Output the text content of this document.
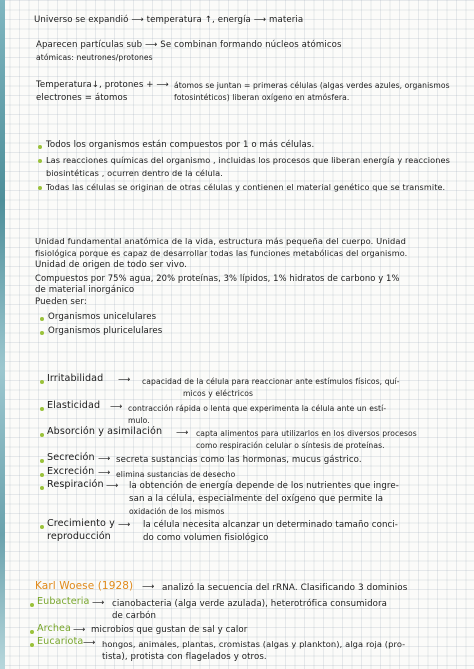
Universo se expandió ⟶ temperatura ↑, energía ⟶ materia
Aparecen partículas sub ⟶ Se combinan formando núcleos atómicos
atómicas: neutrones/protones
Temperatura↓, protones + ⟶ átomos se juntan = primeras células (algas verdes azules, organismos
electrones = átomos	fotosintéticos) liberan oxígeno en atmósfera.
Todos los organismos están compuestos por 1 o más células.
Las reacciones químicas del organismo , incluidas los procesos que liberan energía y reacciones
biosintéticas , ocurren dentro de la célula.
Todas las células se originan de otras células y contienen el material genético que se transmite.
Unidad fundamental anatómica de la vida, estructura más pequeña del cuerpo. Unidad
fisiológica porque es capaz de desarrollar todas las funciones metabólicas del organismo.
Unidad de origen de todo ser vivo.
Compuestos por 75% agua, 20% proteínas, 3% lípidos, 1% hidratos de carbono y 1%
de material inorgánico
Pueden ser:
Organismos unicelulares
Organismos pluricelulares
Irritabilidad ⟶ capacidad de la célula para reaccionar ante estímulos físicos, quí-
micos y eléctricos
Elasticidad ⟶ contracción rápida o lenta que experimenta la célula ante un estí-
mulo.
Absorción y asimilación ⟶ capta alimentos para utilizarlos en los diversos procesos
como respiración celular o síntesis de proteínas.
Secreción ⟶ secreta sustancias como las hormonas, mucus gástrico.
Excreción ⟶ elimina sustancias de desecho
Respiración ⟶ la obtención de energía depende de los nutrientes que ingre-
san a la célula, especialmente del oxígeno que permite la
oxidación de los mismos
Crecimiento y
reproducción
⟶ la célula necesita alcanzar un determinado tamaño conci-
do como volumen fisiológico
Karl Woese (1928) ⟶ analizó la secuencia del rRNA. Clasificando 3 dominios
Eubacteria ⟶ cianobacteria (alga verde azulada), heterotrófica consumidora
de carbón
Archea ⟶ microbios que gustan de sal y calor
Eucariota ⟶ hongos, animales, plantas, cromistas (algas y plankton), alga roja (pro-
tista), protista con flagelados y otros.
